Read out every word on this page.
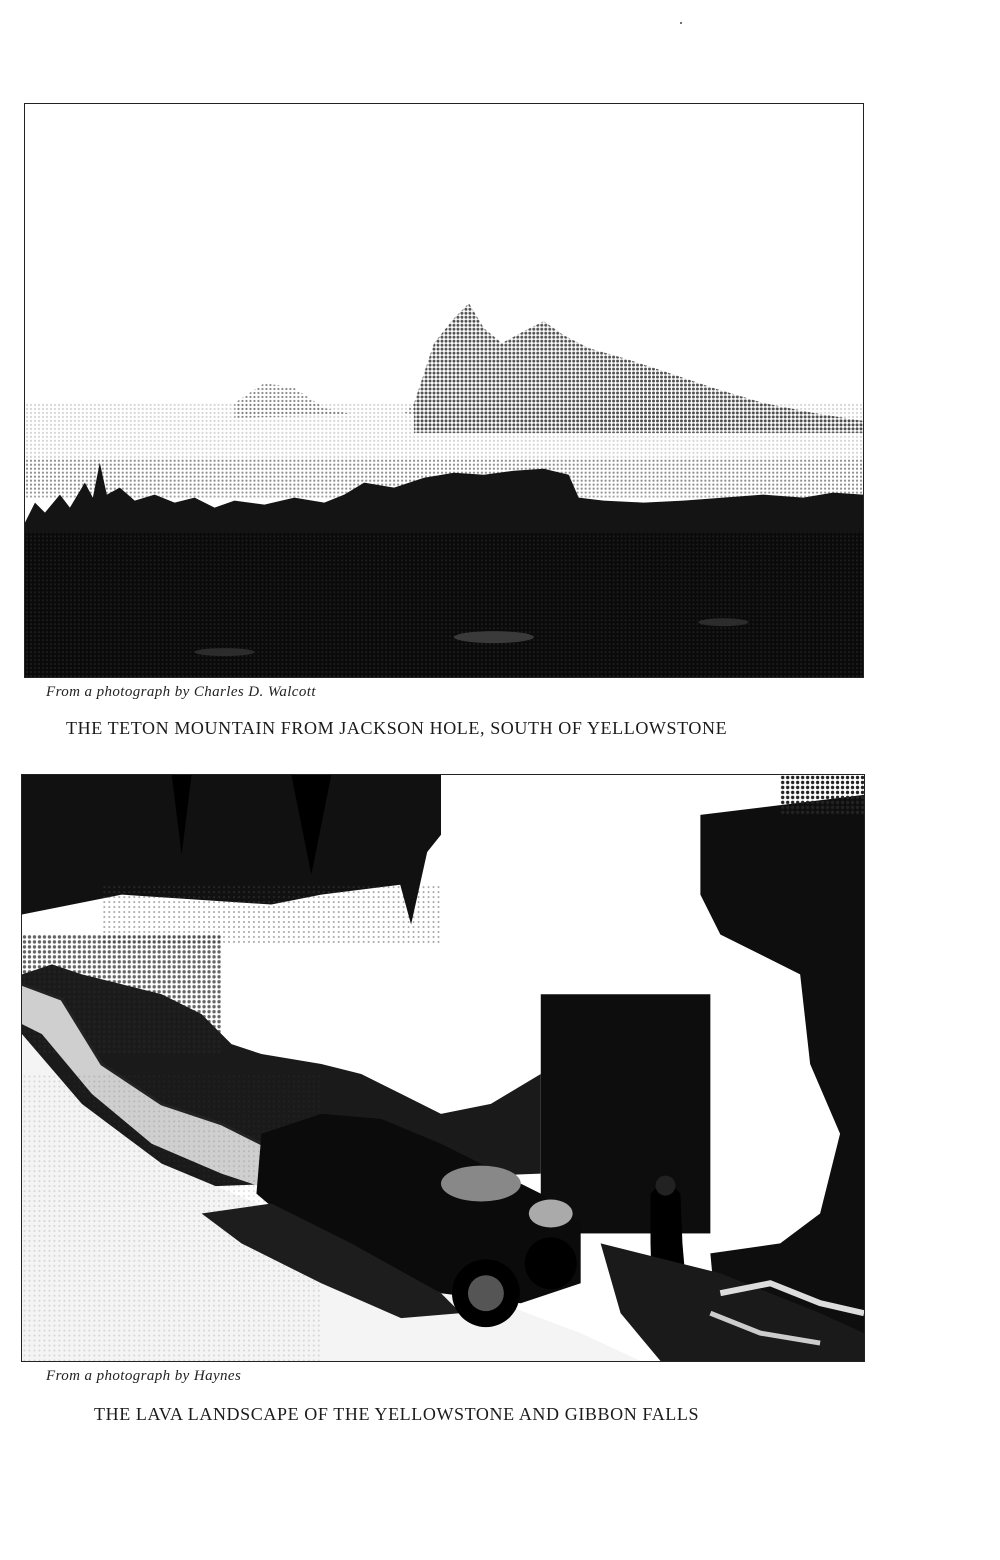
From a photograph by Charles D. Walcott
THE TETON MOUNTAIN FROM JACKSON HOLE, SOUTH OF YELLOWSTONE
From a photograph by Haynes
THE LAVA LANDSCAPE OF THE YELLOWSTONE AND GIBBON FALLS
